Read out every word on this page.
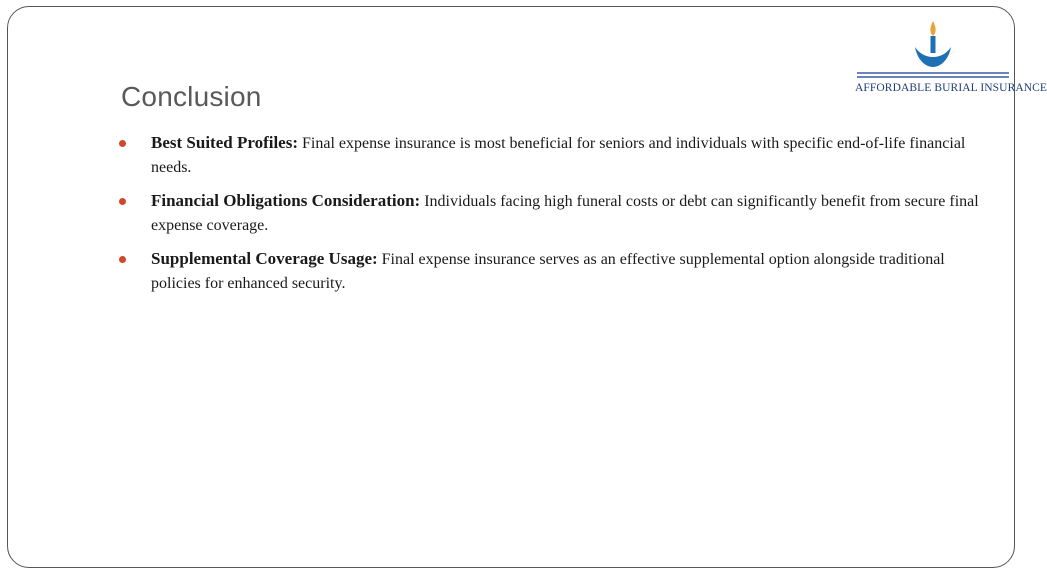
Conclusion
Best Suited Profiles: Final expense insurance is most beneficial for seniors and individuals with specific end-of-life financial needs.
Financial Obligations Consideration: Individuals facing high funeral costs or debt can significantly benefit from secure final expense coverage.
Supplemental Coverage Usage: Final expense insurance serves as an effective supplemental option alongside traditional policies for enhanced security.
AFFORDABLE BURIAL INSURANCE
